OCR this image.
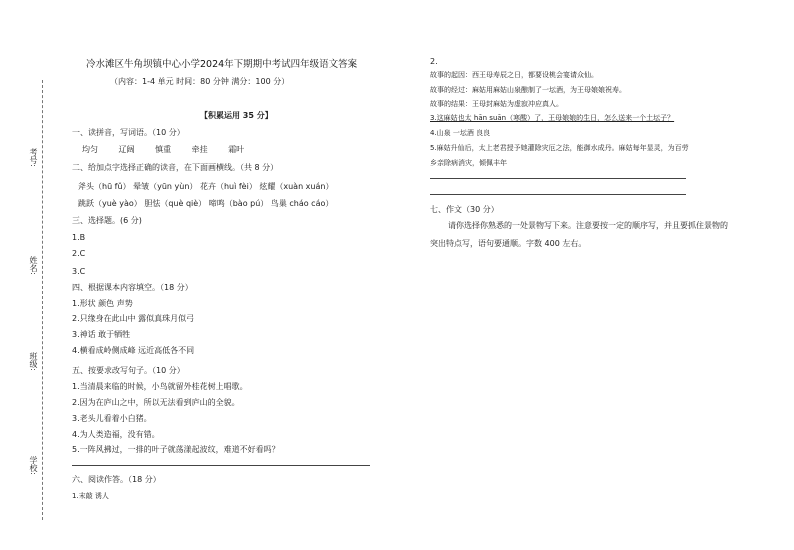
考号:
姓名:
班级:
学校:
冷水滩区牛角坝镇中心小学2024年下期期中考试四年级语文答案
（内容：1-4 单元 时间：80 分钟 满分：100 分）
【积累运用 35 分】
一、读拼音，写词语。（10 分）
均匀	辽阔	慎重	牵挂	霜叶
二、给加点字选择正确的读音，在下面画横线。（共 8 分）
斧头（hū fǔ） 晕皱（yūn yùn） 花卉（huì fèi） 炫耀（xuàn xuán）
跳跃（yuè yào） 胆怯（què qiè） 啼鸣（bào pú） 鸟巢 cháo cáo）
三、选择题。(6 分)
1.B
2.C
3.C
四、根据课本内容填空。（18 分）
1.形状 颜色 声势
2.只缘身在此山中 露似真珠月似弓
3.神话 敢于牺牲
4.横看成岭侧成峰 远近高低各不同
五、按要求改写句子。（10 分）
1.当清晨来临的时候，小鸟就留外桂花树上唱歌。
2.因为在庐山之中，所以无法看到庐山的全貌。
3.老头儿看着小白猪。
4.为人类造福，没有错。
5.一阵风拂过，一排的叶子就荡漾起波纹，难道不好看吗？
六、阅读作答。（18 分）
1.末敲 诱人
2.
故事的起因：西王母寿辰之日，都要设桃会宴请众仙。
故事的经过：麻姑用麻姑山泉酿制了一坛酒，为王母娘娘祝寿。
故事的结果：王母封麻姑为虚寂冲应真人。
3.这麻姑也太 hān suān（寒酸）了，王母娘娘的生日，怎么送来一个土坛子？
4.山泉 一坛酒 良良
5.麻姑升仙后，太上老君授予她灌除灾厄之法，能御水成丹。麻姑每年显灵，为百劳
乡亲除病消灾，倾佩丰年
七、作文（30 分）
请你选择你熟悉的一处景物写下来。注意要按一定的顺序写，并且要抓住景物的
突出特点写，语句要通顺。字数 400 左右。
